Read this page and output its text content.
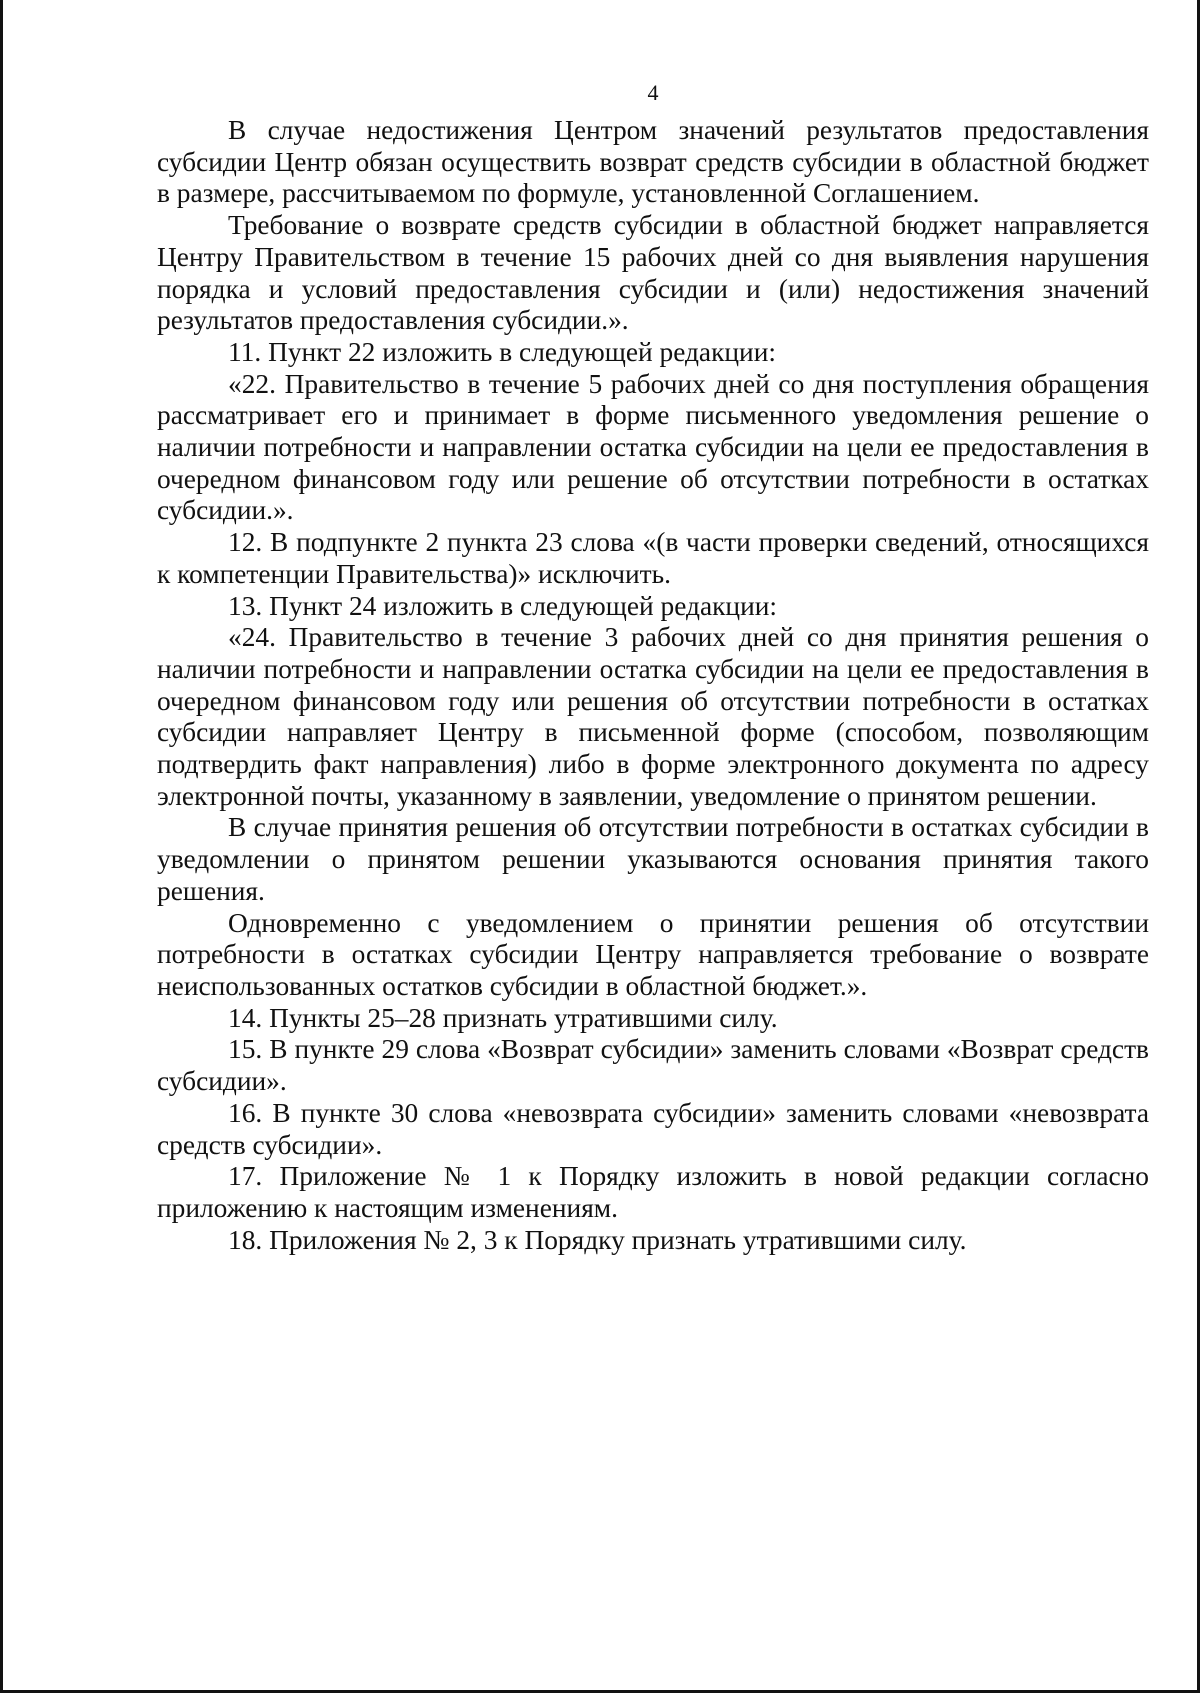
4

В случае недостижения Центром значений результатов предоставления субсидии Центр обязан осуществить возврат средств субсидии в областной бюджет в размере, рассчитываемом по формуле, установленной Соглашением.

Требование о возврате средств субсидии в областной бюджет направляется Центру Правительством в течение 15 рабочих дней со дня выявления нарушения порядка и условий предоставления субсидии и (или) недостижения значений результатов предоставления субсидии.».

11. Пункт 22 изложить в следующей редакции:

«22. Правительство в течение 5 рабочих дней со дня поступления обращения рассматривает его и принимает в форме письменного уведомления решение о наличии потребности и направлении остатка субсидии на цели ее предоставления в очередном финансовом году или решение об отсутствии потребности в остатках субсидии.».

12. В подпункте 2 пункта 23 слова «(в части проверки сведений, относящихся к компетенции Правительства)» исключить.

13. Пункт 24 изложить в следующей редакции:

«24. Правительство в течение 3 рабочих дней со дня принятия решения о наличии потребности и направлении остатка субсидии на цели ее предоставления в очередном финансовом году или решения об отсутствии потребности в остатках субсидии направляет Центру в письменной форме (способом, позволяющим подтвердить факт направления) либо в форме электронного документа по адресу электронной почты, указанному в заявлении, уведомление о принятом решении.

В случае принятия решения об отсутствии потребности в остатках субсидии в уведомлении о принятом решении указываются основания принятия такого решения.

Одновременно с уведомлением о принятии решения об отсутствии потребности в остатках субсидии Центру направляется требование о возврате неиспользованных остатков субсидии в областной бюджет.».

14. Пункты 25–28 признать утратившими силу.

15. В пункте 29 слова «Возврат субсидии» заменить словами «Возврат средств субсидии».

16. В пункте 30 слова «невозврата субсидии» заменить словами «невозврата средств субсидии».

17. Приложение № 1 к Порядку изложить в новой редакции согласно приложению к настоящим изменениям.

18. Приложения № 2, 3 к Порядку признать утратившими силу.
